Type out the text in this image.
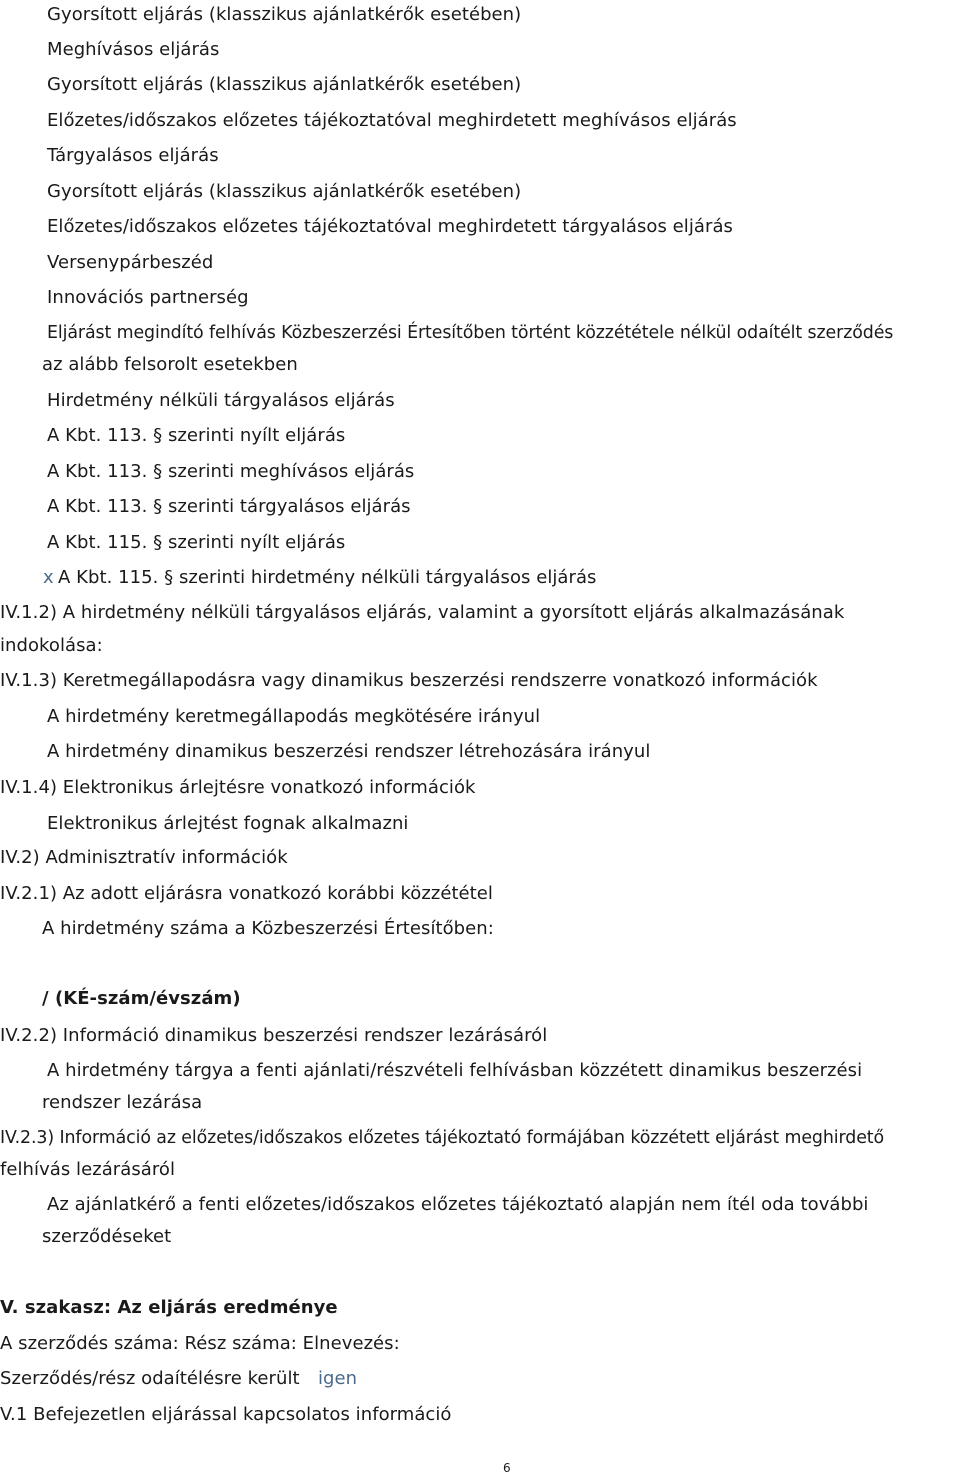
Gyorsított eljárás (klasszikus ajánlatkérők esetében)
Meghívásos eljárás
Gyorsított eljárás (klasszikus ajánlatkérők esetében)
Előzetes/időszakos előzetes tájékoztatóval meghirdetett meghívásos eljárás
Tárgyalásos eljárás
Gyorsított eljárás (klasszikus ajánlatkérők esetében)
Előzetes/időszakos előzetes tájékoztatóval meghirdetett tárgyalásos eljárás
Versenypárbeszéd
Innovációs partnerség
Eljárást megindító felhívás Közbeszerzési Értesítőben történt közzététele nélkül odaítélt szerződés
az alább felsorolt esetekben
Hirdetmény nélküli tárgyalásos eljárás
A Kbt. 113. § szerinti nyílt eljárás
A Kbt. 113. § szerinti meghívásos eljárás
A Kbt. 113. § szerinti tárgyalásos eljárás
A Kbt. 115. § szerinti nyílt eljárás
x A Kbt. 115. § szerinti hirdetmény nélküli tárgyalásos eljárás
IV.1.2) A hirdetmény nélküli tárgyalásos eljárás, valamint a gyorsított eljárás alkalmazásának
indokolása:
IV.1.3) Keretmegállapodásra vagy dinamikus beszerzési rendszerre vonatkozó információk
A hirdetmény keretmegállapodás megkötésére irányul
A hirdetmény dinamikus beszerzési rendszer létrehozására irányul
IV.1.4) Elektronikus árlejtésre vonatkozó információk
Elektronikus árlejtést fognak alkalmazni
IV.2) Adminisztratív információk
IV.2.1) Az adott eljárásra vonatkozó korábbi közzététel
A hirdetmény száma a Közbeszerzési Értesítőben:
/ (KÉ-szám/évszám)
IV.2.2) Információ dinamikus beszerzési rendszer lezárásáról
A hirdetmény tárgya a fenti ajánlati/részvételi felhívásban közzétett dinamikus beszerzési
rendszer lezárása
IV.2.3) Információ az előzetes/időszakos előzetes tájékoztató formájában közzétett eljárást meghirdető
felhívás lezárásáról
Az ajánlatkérő a fenti előzetes/időszakos előzetes tájékoztató alapján nem ítél oda további
szerződéseket
V. szakasz: Az eljárás eredménye
A szerződés száma: Rész száma: Elnevezés:
Szerződés/rész odaítélésre került igen
V.1 Befejezetlen eljárással kapcsolatos információ
6
